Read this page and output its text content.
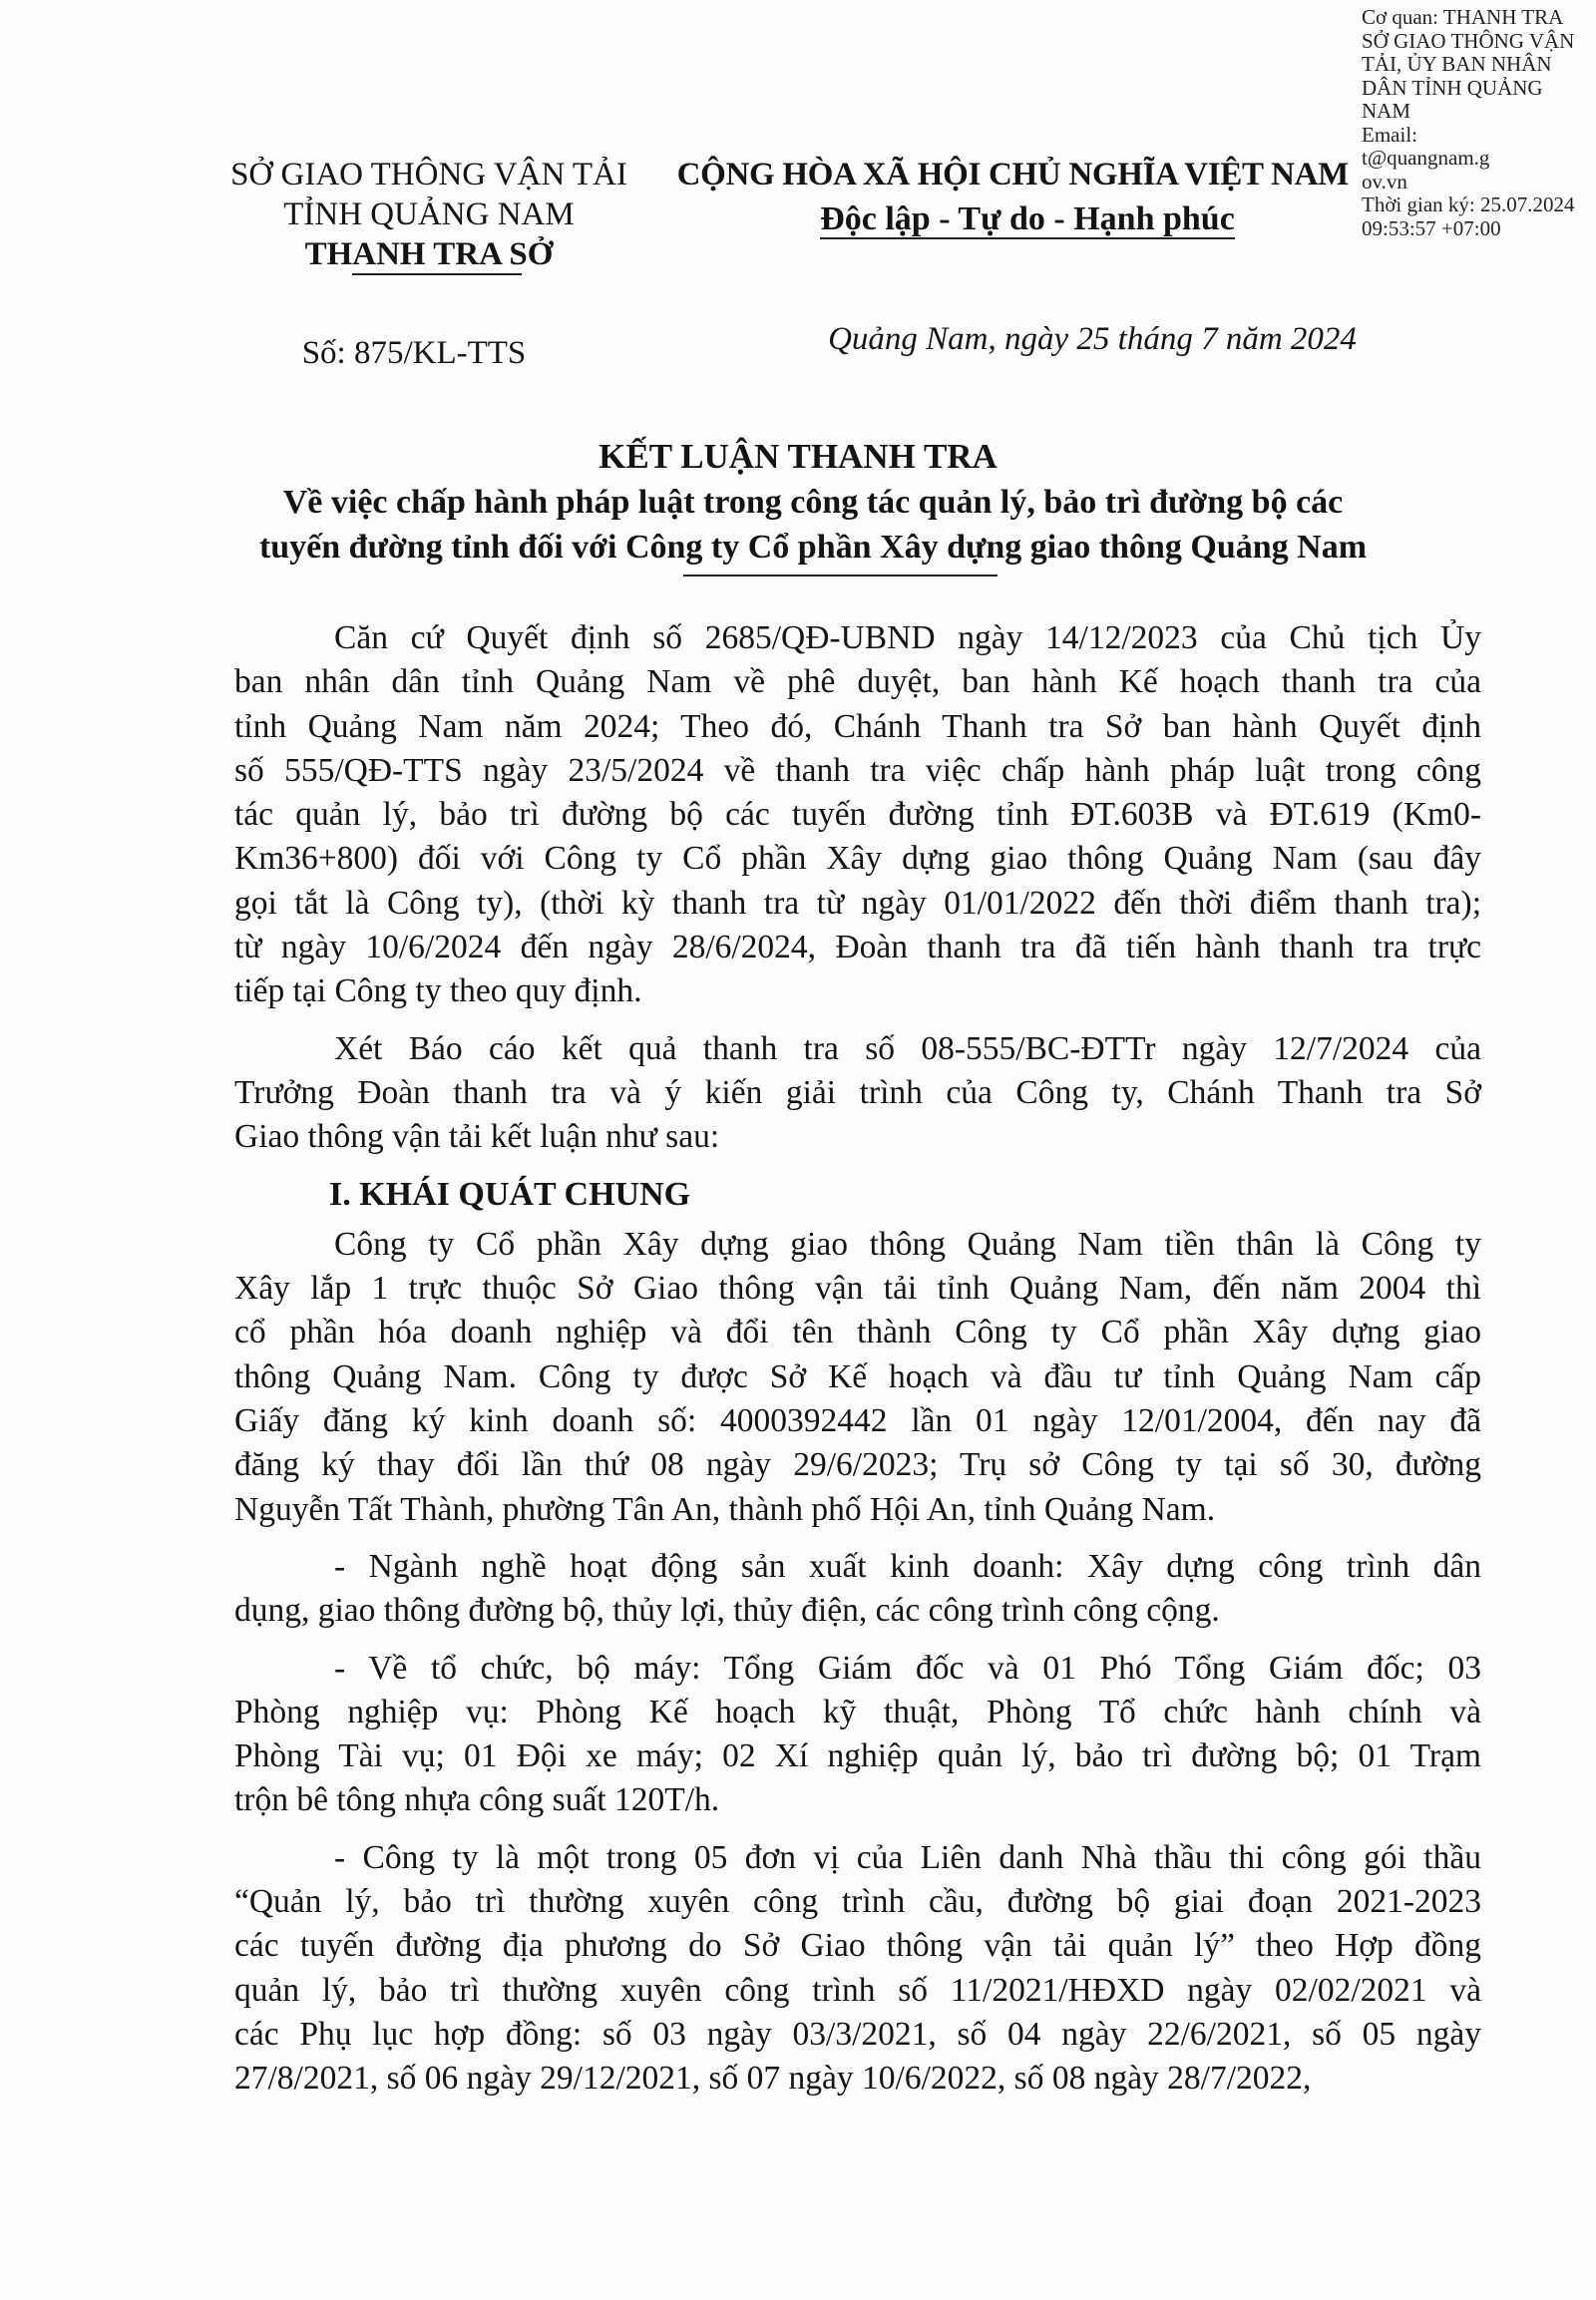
Cơ quan: THANH TRA
SỞ GIAO THÔNG VẬN
TẢI, ỦY BAN NHÂN
DÂN TỈNH QUẢNG
NAM
Email:
t@quangnam.g
ov.vn
Thời gian ký: 25.07.2024
09:53:57 +07:00
SỞ GIAO THÔNG VẬN TẢI
TỈNH QUẢNG NAM
THANH TRA SỞ
Số: 875/KL-TTS
CỘNG HÒA XÃ HỘI CHỦ NGHĨA VIỆT NAM
Độc lập - Tự do - Hạnh phúc
Quảng Nam, ngày 25 tháng 7 năm 2024
KẾT LUẬN THANH TRA
Về việc chấp hành pháp luật trong công tác quản lý, bảo trì đường bộ các
tuyến đường tỉnh đối với Công ty Cổ phần Xây dựng giao thông Quảng Nam
Căn cứ Quyết định số 2685/QĐ-UBND ngày 14/12/2023 của Chủ tịch Ủy
ban nhân dân tỉnh Quảng Nam về phê duyệt, ban hành Kế hoạch thanh tra của
tỉnh Quảng Nam năm 2024; Theo đó, Chánh Thanh tra Sở ban hành Quyết định
số 555/QĐ-TTS ngày 23/5/2024 về thanh tra việc chấp hành pháp luật trong công
tác quản lý, bảo trì đường bộ các tuyến đường tỉnh ĐT.603B và ĐT.619 (Km0-
Km36+800) đối với Công ty Cổ phần Xây dựng giao thông Quảng Nam (sau đây
gọi tắt là Công ty), (thời kỳ thanh tra từ ngày 01/01/2022 đến thời điểm thanh tra);
từ ngày 10/6/2024 đến ngày 28/6/2024, Đoàn thanh tra đã tiến hành thanh tra trực
tiếp tại Công ty theo quy định.
Xét Báo cáo kết quả thanh tra số 08-555/BC-ĐTTr ngày 12/7/2024 của
Trưởng Đoàn thanh tra và ý kiến giải trình của Công ty, Chánh Thanh tra Sở
Giao thông vận tải kết luận như sau:
I. KHÁI QUÁT CHUNG
Công ty Cổ phần Xây dựng giao thông Quảng Nam tiền thân là Công ty
Xây lắp 1 trực thuộc Sở Giao thông vận tải tỉnh Quảng Nam, đến năm 2004 thì
cổ phần hóa doanh nghiệp và đổi tên thành Công ty Cổ phần Xây dựng giao
thông Quảng Nam. Công ty được Sở Kế hoạch và đầu tư tỉnh Quảng Nam cấp
Giấy đăng ký kinh doanh số: 4000392442 lần 01 ngày 12/01/2004, đến nay đã
đăng ký thay đổi lần thứ 08 ngày 29/6/2023; Trụ sở Công ty tại số 30, đường
Nguyễn Tất Thành, phường Tân An, thành phố Hội An, tỉnh Quảng Nam.
- Ngành nghề hoạt động sản xuất kinh doanh: Xây dựng công trình dân
dụng, giao thông đường bộ, thủy lợi, thủy điện, các công trình công cộng.
- Về tổ chức, bộ máy: Tổng Giám đốc và 01 Phó Tổng Giám đốc; 03
Phòng nghiệp vụ: Phòng Kế hoạch kỹ thuật, Phòng Tổ chức hành chính và
Phòng Tài vụ; 01 Đội xe máy; 02 Xí nghiệp quản lý, bảo trì đường bộ; 01 Trạm
trộn bê tông nhựa công suất 120T/h.
- Công ty là một trong 05 đơn vị của Liên danh Nhà thầu thi công gói thầu
“Quản lý, bảo trì thường xuyên công trình cầu, đường bộ giai đoạn 2021-2023
các tuyến đường địa phương do Sở Giao thông vận tải quản lý” theo Hợp đồng
quản lý, bảo trì thường xuyên công trình số 11/2021/HĐXD ngày 02/02/2021 và
các Phụ lục hợp đồng: số 03 ngày 03/3/2021, số 04 ngày 22/6/2021, số 05 ngày
27/8/2021, số 06 ngày 29/12/2021, số 07 ngày 10/6/2022, số 08 ngày 28/7/2022,
